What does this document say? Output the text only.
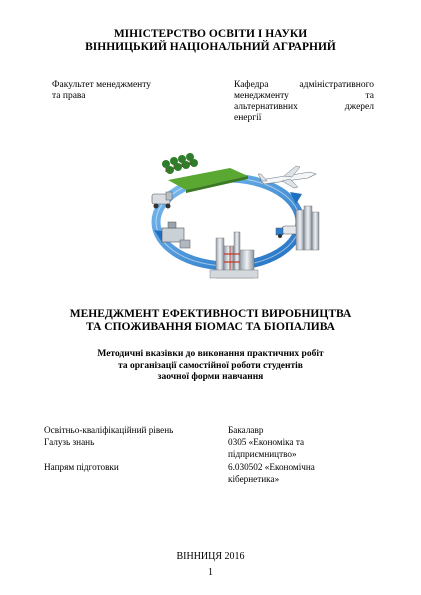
МІНІСТЕРСТВО ОСВІТИ І НАУКИ
ВІННИЦЬКИЙ НАЦІОНАЛЬНИЙ АГРАРНИЙ
Факультет менеджменту
та права
Кафедра адміністративного
менеджменту та
альтернативних джерел
енергії
МЕНЕДЖМЕНТ ЕФЕКТИВНОСТІ ВИРОБНИЦТВА
ТА СПОЖИВАННЯ БІОМАС ТА БІОПАЛИВА
Методичні вказівки до виконання практичних робіт
та організації самостійної роботи студентів
заочної форми навчання
Освітньо-кваліфікаційний рівень	Бакалавр
Галузь знань	0305 «Економіка та
підприємництво»
Напрям підготовки	6.030502 «Економічна
кібернетика»
ВІННИЦЯ 2016
1
